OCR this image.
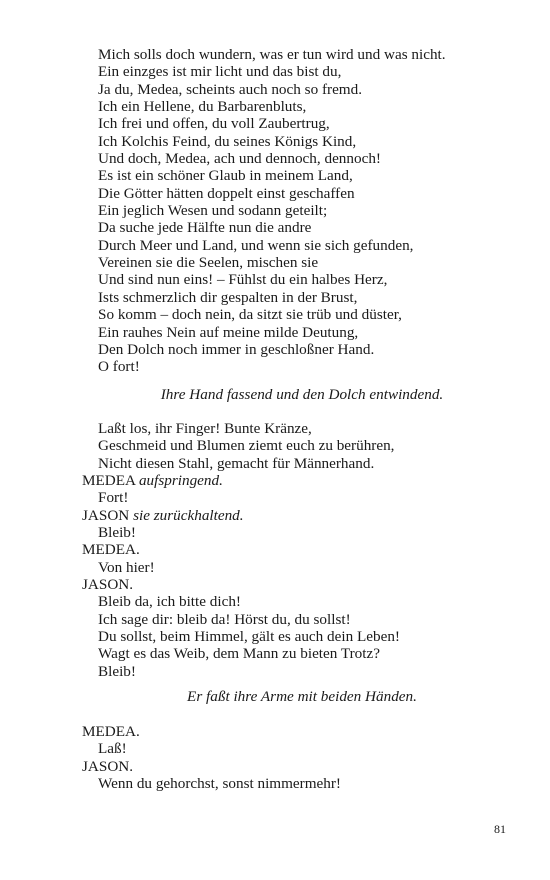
Mich solls doch wundern, was er tun wird und was nicht.
Ein einzges ist mir licht und das bist du,
Ja du, Medea, scheints auch noch so fremd.
Ich ein Hellene, du Barbarenbluts,
Ich frei und offen, du voll Zaubertrug,
Ich Kolchis Feind, du seines Königs Kind,
Und doch, Medea, ach und dennoch, dennoch!
Es ist ein schöner Glaub in meinem Land,
Die Götter hätten doppelt einst geschaffen
Ein jeglich Wesen und sodann geteilt;
Da suche jede Hälfte nun die andre
Durch Meer und Land, und wenn sie sich gefunden,
Vereinen sie die Seelen, mischen sie
Und sind nun eins! – Fühlst du ein halbes Herz,
Ists schmerzlich dir gespalten in der Brust,
So komm – doch nein, da sitzt sie trüb und düster,
Ein rauhes Nein auf meine milde Deutung,
Den Dolch noch immer in geschloßner Hand.
O fort!
Ihre Hand fassend und den Dolch entwindend.
Laßt los, ihr Finger! Bunte Kränze,
Geschmeid und Blumen ziemt euch zu berühren,
Nicht diesen Stahl, gemacht für Männerhand.
MEDEA aufspringend.
Fort!
JASON sie zurückhaltend.
Bleib!
MEDEA.
Von hier!
JASON.
Bleib da, ich bitte dich!
Ich sage dir: bleib da! Hörst du, du sollst!
Du sollst, beim Himmel, gält es auch dein Leben!
Wagt es das Weib, dem Mann zu bieten Trotz?
Bleib!
Er faßt ihre Arme mit beiden Händen.
MEDEA.
Laß!
JASON.
Wenn du gehorchst, sonst nimmermehr!
81
